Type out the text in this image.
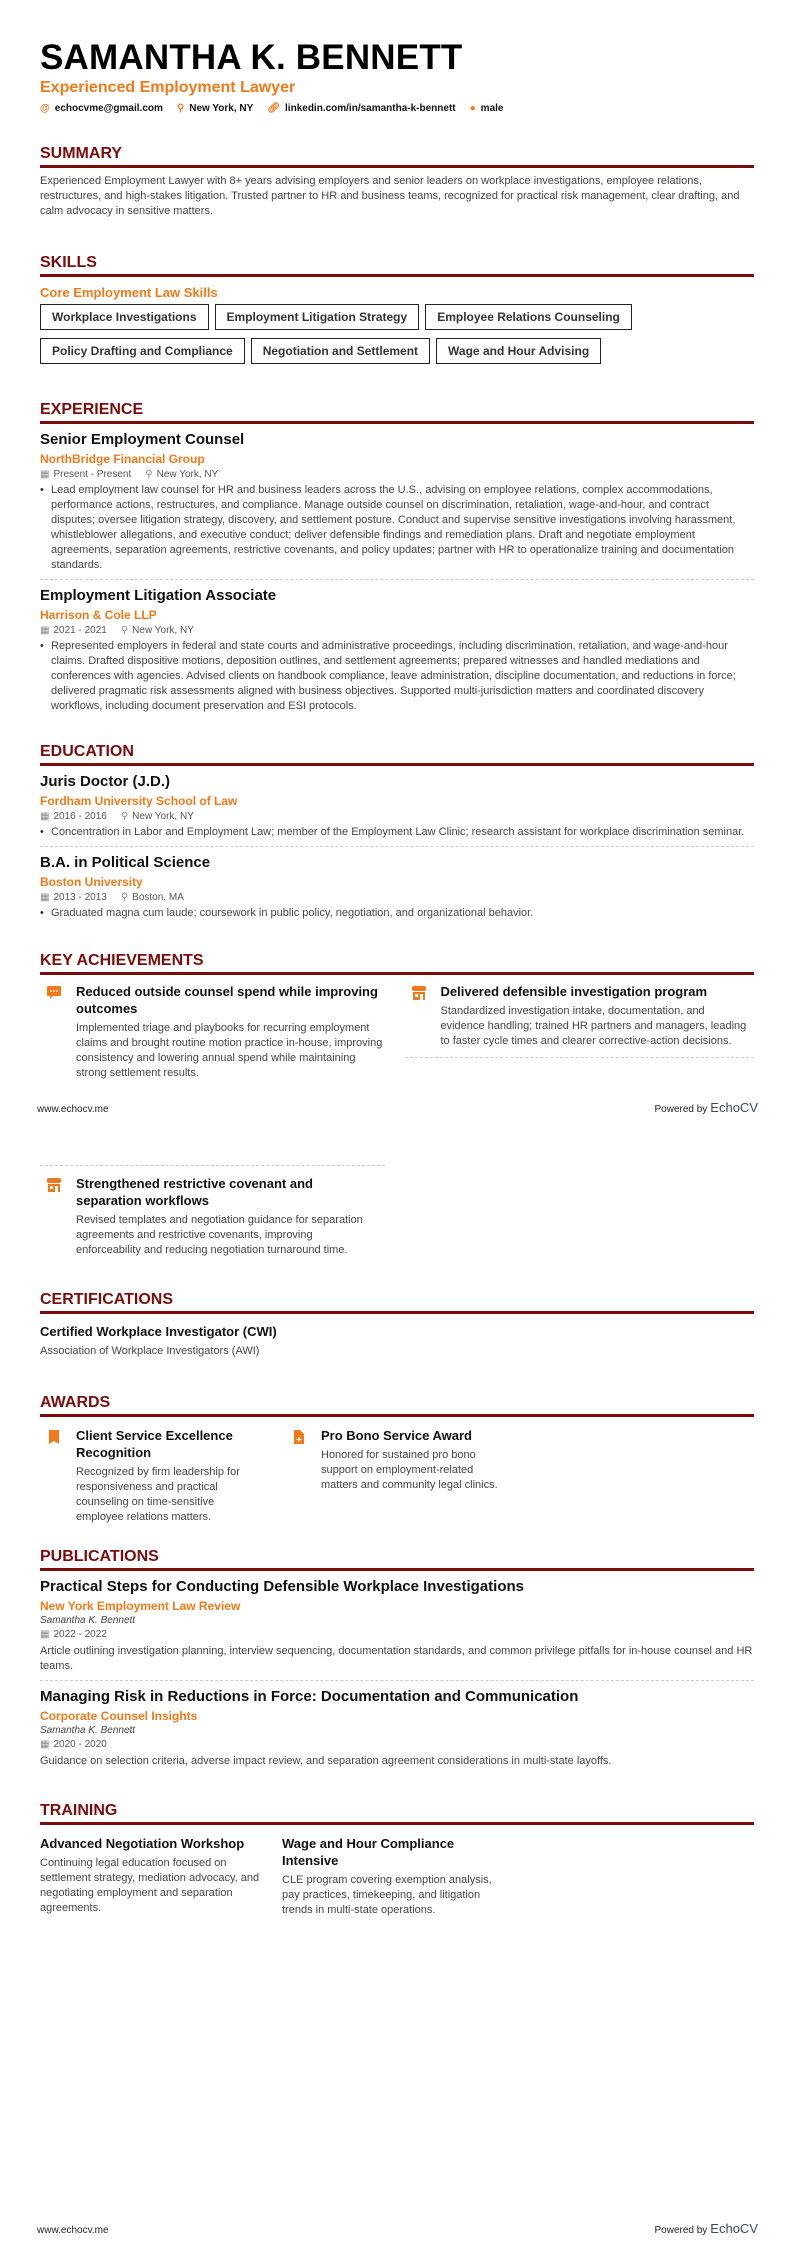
SAMANTHA K. BENNETT
Experienced Employment Lawyer
@ echocvme@gmail.com ⚲ New York, NY 🔗︎ linkedin.com/in/samantha-k-bennett ● male
SUMMARY

Experienced Employment Lawyer with 8+ years advising employers and senior leaders on workplace investigations, employee relations, restructures, and high-stakes litigation. Trusted partner to HR and business teams, recognized for practical risk management, clear drafting, and calm advocacy in sensitive matters.

SKILLS
Core Employment Law Skills
Workplace Investigations	Employment Litigation Strategy	Employee Relations Counseling
Policy Drafting and Compliance	Negotiation and Settlement	Wage and Hour Advising
EXPERIENCE
Senior Employment Counsel
NorthBridge Financial Group
▦ Present - Present ⚲ New York, NY
• Lead employment law counsel for HR and business leaders across the U.S., advising on employee relations, complex accommodations, performance actions, restructures, and compliance. Manage outside counsel on discrimination, retaliation, wage-and-hour, and contract disputes; oversee litigation strategy, discovery, and settlement posture. Conduct and supervise sensitive investigations involving harassment, whistleblower allegations, and executive conduct; deliver defensible findings and remediation plans. Draft and negotiate employment agreements, separation agreements, restrictive covenants, and policy updates; partner with HR to operationalize training and documentation standards.
Employment Litigation Associate
Harrison & Cole LLP
▦ 2021 - 2021 ⚲ New York, NY
• Represented employers in federal and state courts and administrative proceedings, including discrimination, retaliation, and wage-and-hour claims. Drafted dispositive motions, deposition outlines, and settlement agreements; prepared witnesses and handled mediations and conferences with agencies. Advised clients on handbook compliance, leave administration, discipline documentation, and reductions in force; delivered pragmatic risk assessments aligned with business objectives. Supported multi-jurisdiction matters and coordinated discovery workflows, including document preservation and ESI protocols.
EDUCATION
Juris Doctor (J.D.)
Fordham University School of Law
▦ 2016 - 2016 ⚲ New York, NY
• Concentration in Labor and Employment Law; member of the Employment Law Clinic; research assistant for workplace discrimination seminar.
B.A. in Political Science
Boston University
▦ 2013 - 2013 ⚲ Boston, MA
• Graduated magna cum laude; coursework in public policy, negotiation, and organizational behavior.
KEY ACHIEVEMENTS
Reduced outside counsel spend while improving outcomes
Implemented triage and playbooks for recurring employment claims and brought routine motion practice in-house, improving consistency and lowering annual spend while maintaining strong settlement results.
Delivered defensible investigation program
Standardized investigation intake, documentation, and evidence handling; trained HR partners and managers, leading to faster cycle times and clearer corrective-action decisions.
www.echocv.me	Powered by EchoCV
Strengthened restrictive covenant and separation workflows
Revised templates and negotiation guidance for separation agreements and restrictive covenants, improving enforceability and reducing negotiation turnaround time.
CERTIFICATIONS
Certified Workplace Investigator (CWI)
Association of Workplace Investigators (AWI)
AWARDS
Client Service Excellence Recognition
Recognized by firm leadership for responsiveness and practical counseling on time-sensitive employee relations matters.
Pro Bono Service Award
Honored for sustained pro bono support on employment-related matters and community legal clinics.
PUBLICATIONS
Practical Steps for Conducting Defensible Workplace Investigations
New York Employment Law Review
Samantha K. Bennett
▦ 2022 - 2022

Article outlining investigation planning, interview sequencing, documentation standards, and common privilege pitfalls for in-house counsel and HR teams.

Managing Risk in Reductions in Force: Documentation and Communication
Corporate Counsel Insights
Samantha K. Bennett
▦ 2020 - 2020

Guidance on selection criteria, adverse impact review, and separation agreement considerations in multi-state layoffs.

TRAINING
Advanced Negotiation Workshop
Continuing legal education focused on settlement strategy, mediation advocacy, and negotiating employment and separation agreements.
Wage and Hour Compliance Intensive
CLE program covering exemption analysis, pay practices, timekeeping, and litigation trends in multi-state operations.
www.echocv.me	Powered by EchoCV
